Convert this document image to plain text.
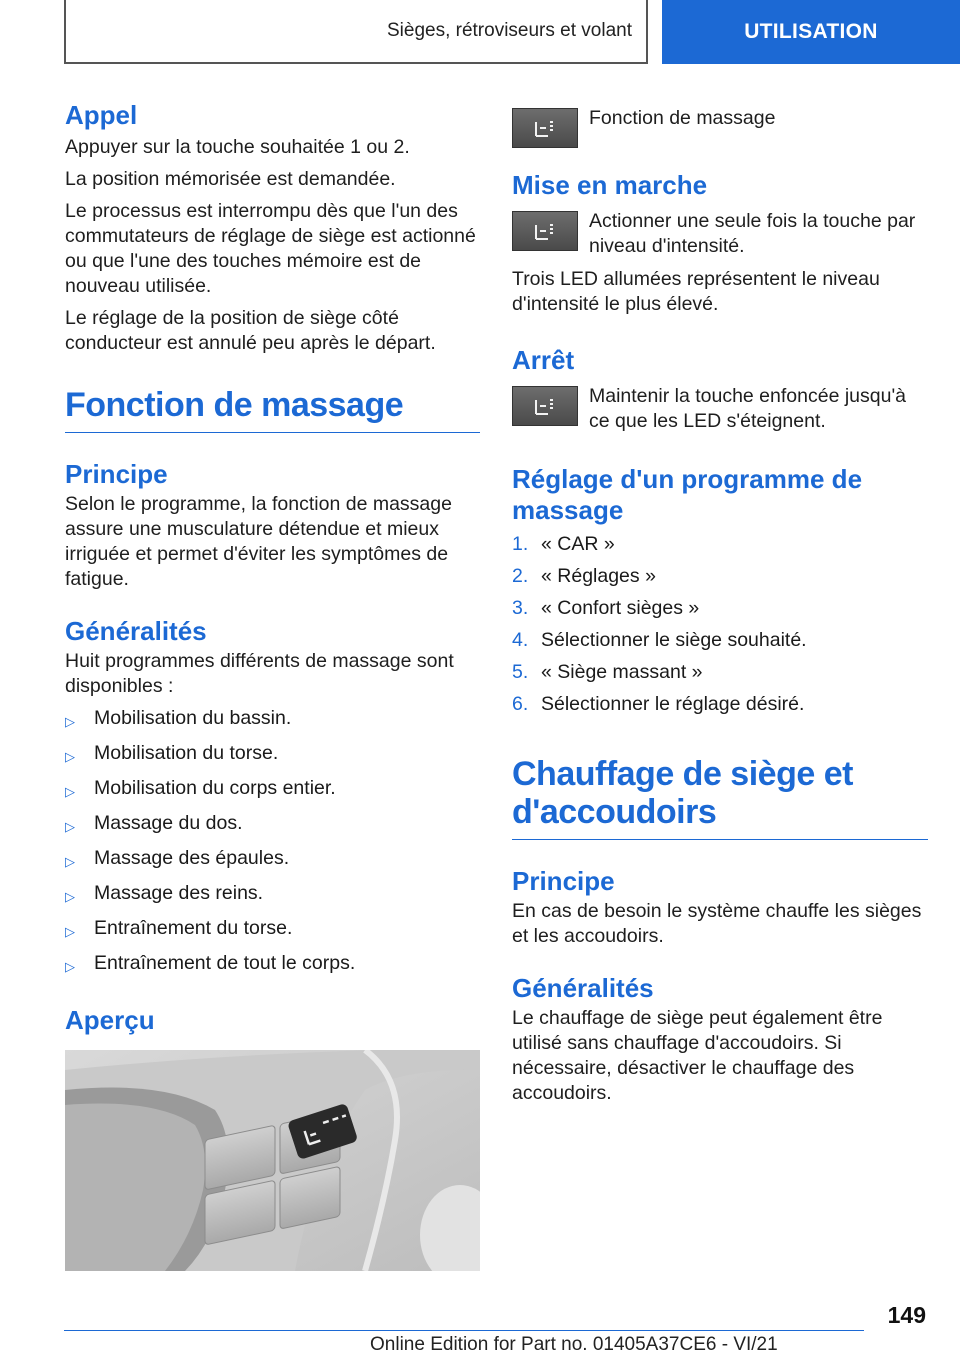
Sièges, rétroviseurs et volant	UTILISATION
Appel

Appuyer sur la touche souhaitée 1 ou 2.

La position mémorisée est demandée.

Le processus est interrompu dès que l'un des commutateurs de réglage de siège est actionné ou que l'une des touches mémoire est de nouveau utilisée.

Le réglage de la position de siège côté conducteur est annulé peu après le départ.

Fonction de massage
Principe

Selon le programme, la fonction de massage assure une musculature détendue et mieux irriguée et permet d'éviter les symptômes de fatigue.

Généralités

Huit programmes différents de massage sont disponibles :

▷ Mobilisation du bassin.
▷ Mobilisation du torse.
▷ Mobilisation du corps entier.
▷ Massage du dos.
▷ Massage des épaules.
▷ Massage des reins.
▷ Entraînement du torse.
▷ Entraînement de tout le corps.
Aperçu

Fonction de massage

Mise en marche

Actionner une seule fois la touche par niveau d'intensité.

Trois LED allumées représentent le niveau d'intensité le plus élevé.

Arrêt

Maintenir la touche enfoncée jusqu'à ce que les LED s'éteignent.

Réglage d'un programme de massage
1. « CAR »
2. « Réglages »
3. « Confort sièges »
4. Sélectionner le siège souhaité.
5. « Siège massant »
6. Sélectionner le réglage désiré.
Chauffage de siège et d'accoudoirs
Principe

En cas de besoin le système chauffe les sièges et les accoudoirs.

Généralités

Le chauffage de siège peut également être utilisé sans chauffage d'accoudoirs. Si nécessaire, désactiver le chauffage des accoudoirs.

149
Online Edition for Part no. 01405A37CE6 - VI/21
